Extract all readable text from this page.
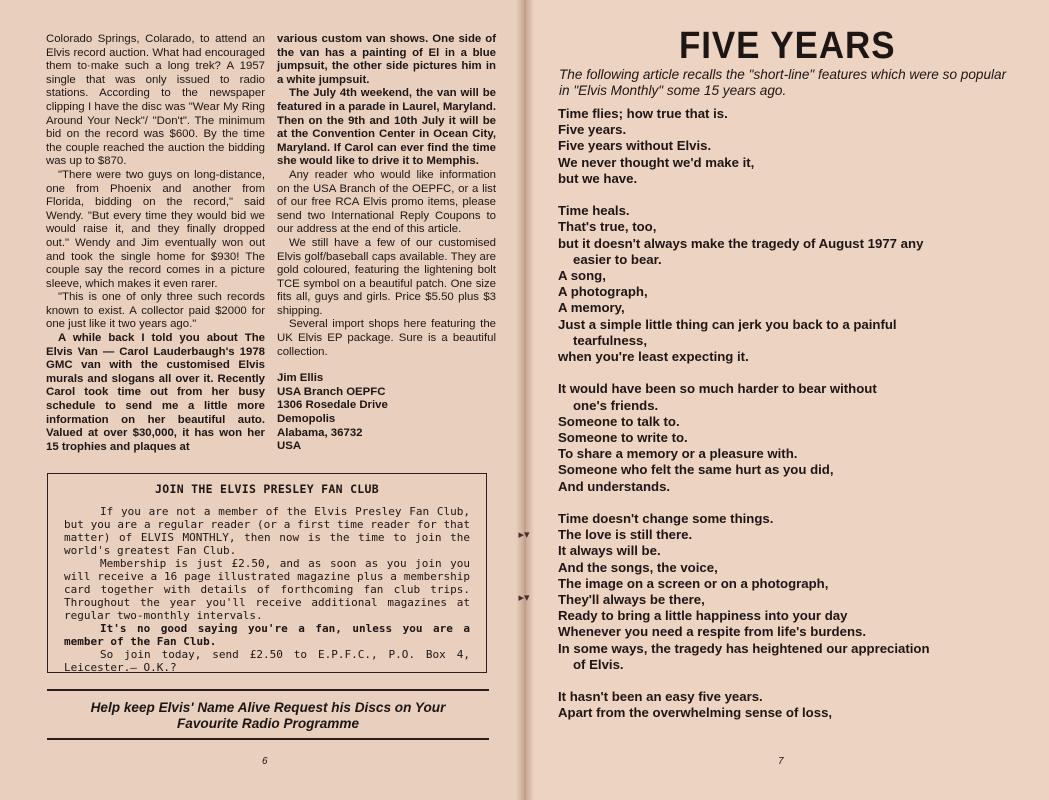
Colorado Springs, Colarado, to attend an Elvis record auction. What had encouraged them to·make such a long trek? A 1957 single that was only issued to radio stations. According to the newspaper clipping I have the disc was "Wear My Ring Around Your Neck"/ "Don't". The minimum bid on the record was $600. By the time the couple reached the auction the bidding was up to $870.

"There were two guys on long-distance, one from Phoenix and another from Florida, bidding on the record," said Wendy. "But every time they would bid we would raise it, and they finally dropped out." Wendy and Jim eventually won out and took the single home for $930! The couple say the record comes in a picture sleeve, which makes it even rarer.

"This is one of only three such records known to exist. A collector paid $2000 for one just like it two years ago."

A while back I told you about The Elvis Van — Carol Lauderbaugh's 1978 GMC van with the customised Elvis murals and slogans all over it. Recently Carol took time out from her busy schedule to send me a little more information on her beautiful auto. Valued at over $30,000, it has won her 15 trophies and plaques at

various custom van shows. One side of the van has a painting of El in a blue jumpsuit, the other side pictures him in a white jumpsuit.

The July 4th weekend, the van will be featured in a parade in Laurel, Maryland. Then on the 9th and 10th July it will be at the Convention Center in Ocean City, Maryland. If Carol can ever find the time she would like to drive it to Memphis.

Any reader who would like information on the USA Branch of the OEPFC, or a list of our free RCA Elvis promo items, please send two International Reply Coupons to our address at the end of this article.

We still have a few of our customised Elvis golf/baseball caps available. They are gold coloured, featuring the lightening bolt TCE symbol on a beautiful patch. One size fits all, guys and girls. Price $5.50 plus $3 shipping.

Several import shops here featuring the UK Elvis EP package. Sure is a beautiful collection.

Jim Ellis
USA Branch OEPFC
1306 Rosedale Drive
Demopolis
Alabama, 36732
USA

JOIN THE ELVIS PRESLEY FAN CLUB

If you are not a member of the Elvis Presley Fan Club, but you are a regular reader (or a first time reader for that matter) of ELVIS MONTHLY, then now is the time to join the world's greatest Fan Club.

Membership is just £2.50, and as soon as you join you will receive a 16 page illustrated magazine plus a membership card together with details of forthcoming fan club trips. Throughout the year you'll receive additional magazines at regular two-monthly intervals.

It's no good saying you're a fan, unless you are a member of the Fan Club.

So join today, send £2.50 to E.P.F.C., P.O. Box 4, Leicester.— O.K.?

Help keep Elvis' Name Alive Request his Discs on Your
Favourite Radio Programme
6
▸▾
▸▾
FIVE YEARS
The following article recalls the "short-line" features which were so popular in "Elvis Monthly" some 15 years ago.
Time flies; how true that is.
Five years.
Five years without Elvis.
We never thought we'd make it,
but we have.
Time heals.
That's true, too,
but it doesn't always make the tragedy of August 1977 any
easier to bear.
A song,
A photograph,
A memory,
Just a simple little thing can jerk you back to a painful
tearfulness,
when you're least expecting it.
It would have been so much harder to bear without
one's friends.
Someone to talk to.
Someone to write to.
To share a memory or a pleasure with.
Someone who felt the same hurt as you did,
And understands.
Time doesn't change some things.
The love is still there.
It always will be.
And the songs, the voice,
The image on a screen or on a photograph,
They'll always be there,
Ready to bring a little happiness into your day
Whenever you need a respite from life's burdens.
In some ways, the tragedy has heightened our appreciation
of Elvis.
It hasn't been an easy five years.
Apart from the overwhelming sense of loss,
7
